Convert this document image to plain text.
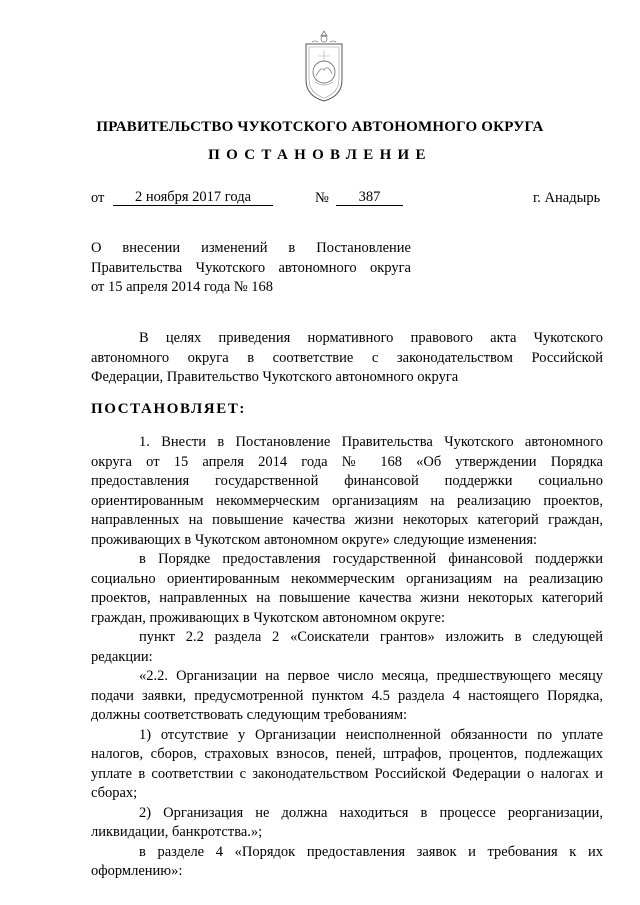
ПРАВИТЕЛЬСТВО ЧУКОТСКОГО АВТОНОМНОГО ОКРУГА
ПОСТАНОВЛЕНИЕ
от	2 ноября 2017 года	№	387	г. Анадырь
О внесении изменений в Постановление
Правительства Чукотского автономного округа
от 15 апреля 2014 года № 168
В целях приведения нормативного правового акта Чукотского
автономного округа в соответствие с законодательством Российской
Федерации, Правительство Чукотского автономного округа
ПОСТАНОВЛЯЕТ:
1. Внести в Постановление Правительства Чукотского автономного
округа от 15 апреля 2014 года № 168 «Об утверждении Порядка
предоставления государственной финансовой поддержки социально
ориентированным некоммерческим организациям на реализацию проектов,
направленных на повышение качества жизни некоторых категорий граждан,
проживающих в Чукотском автономном округе» следующие изменения:
в Порядке предоставления государственной финансовой поддержки
социально ориентированным некоммерческим организациям на реализацию
проектов, направленных на повышение качества жизни некоторых категорий
граждан, проживающих в Чукотском автономном округе:
пункт 2.2 раздела 2 «Соискатели грантов» изложить в следующей
редакции:
«2.2. Организации на первое число месяца, предшествующего месяцу
подачи заявки, предусмотренной пунктом 4.5 раздела 4 настоящего Порядка,
должны соответствовать следующим требованиям:
1) отсутствие у Организации неисполненной обязанности по уплате
налогов, сборов, страховых взносов, пеней, штрафов, процентов, подлежащих
уплате в соответствии с законодательством Российской Федерации о налогах и
сборах;
2) Организация не должна находиться в процессе реорганизации,
ликвидации, банкротства.»;
в разделе 4 «Порядок предоставления заявок и требования к их
оформлению»:
